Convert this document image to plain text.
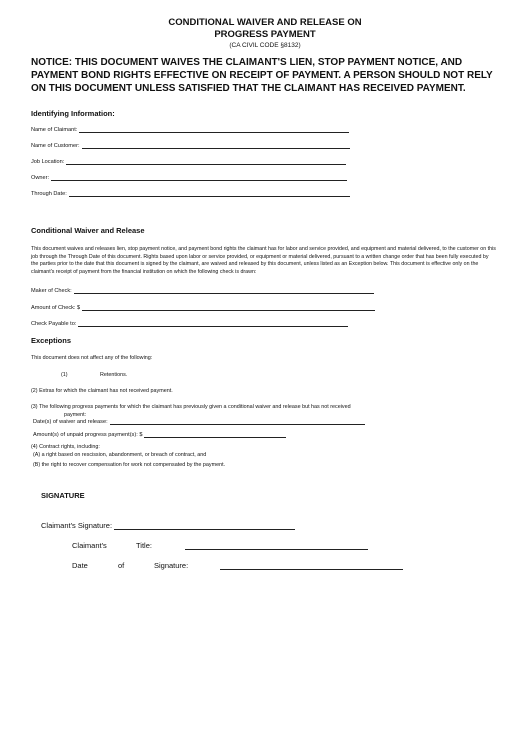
CONDITIONAL WAIVER AND RELEASE ON
PROGRESS PAYMENT
(CA CIVIL CODE §8132)
NOTICE: THIS DOCUMENT WAIVES THE CLAIMANT'S LIEN, STOP PAYMENT NOTICE, AND PAYMENT BOND RIGHTS EFFECTIVE ON RECEIPT OF PAYMENT. A PERSON SHOULD NOT RELY ON THIS DOCUMENT UNLESS SATISFIED THAT THE CLAIMANT HAS RECEIVED PAYMENT.
Identifying Information:
Name of Claimant:
Name of Customer:
Job Location:
Owner:
Through Date:
Conditional Waiver and Release
This document waives and releases lien, stop payment notice, and payment bond rights the claimant has for labor and service provided, and equipment and material delivered, to the customer on this job through the Through Date of this document. Rights based upon labor or service provided, or equipment or material delivered, pursuant to a written change order that has been fully executed by the parties prior to the date that this document is signed by the claimant, are waived and released by this document, unless listed as an Exception below. This document is effective only on the claimant's receipt of payment from the financial institution on which the following check is drawn:
Maker of Check:
Amount of Check: $
Check Payable to:
Exceptions
This document does not affect any of the following:
(1)	Retentions.
(2) Extras for which the claimant has not received payment.
(3) The following progress payments for which the claimant has previously given a conditional waiver and release but has not received
payment:
Date(s) of waiver and release:
Amount(s) of unpaid progress payment(s): $
(4) Contract rights, including:
(A) a right based on rescission, abandonment, or breach of contract, and
(B) the right to recover compensation for work not compensated by the payment.
SIGNATURE
Claimant's Signature:
Claimant's	Title:
Date	of	Signature:
